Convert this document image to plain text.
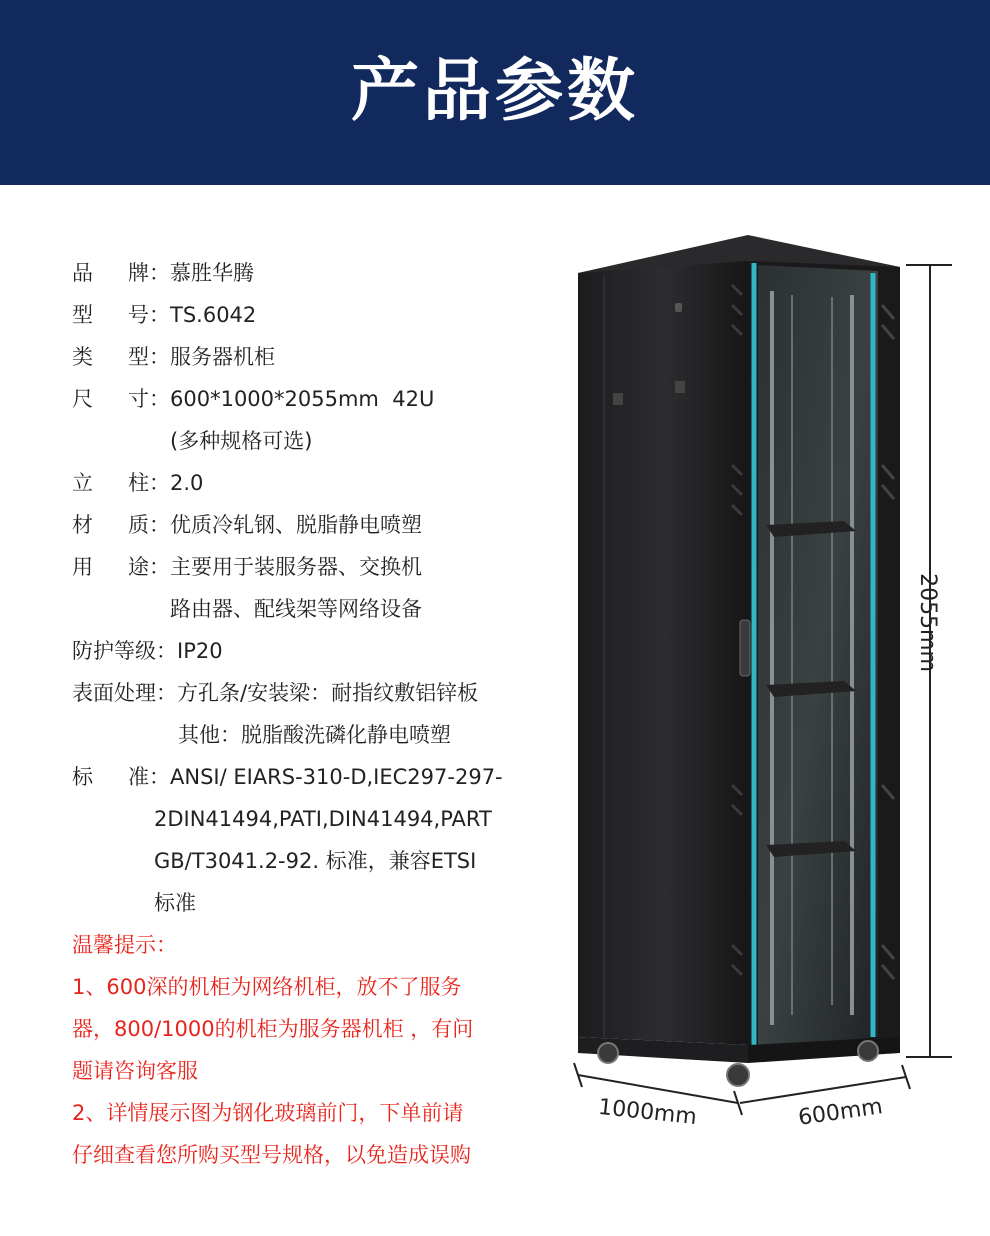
产品参数
品 牌： 慕胜华腾
型 号： TS.6042
类 型： 服务器机柜
尺 寸： 600*1000*2055mm  42U
(多种规格可选)
立 柱： 2.0
材 质： 优质冷轧钢、脱脂静电喷塑
用 途： 主要用于装服务器、交换机
路由器、配线架等网络设备
防护等级： IP20
表面处理： 方孔条/安装梁：耐指纹敷铝锌板
其他：脱脂酸洗磷化静电喷塑
标 准： ANSI/ EIARS-310-D,IEC297-297-
2DIN41494,PATI,DIN41494,PART
GB/T3041.2-92. 标准，兼容ETSI
标准
温馨提示：
1、600深的机柜为网络机柜，放不了服务
器，800/1000的机柜为服务器机柜 ，有问
题请咨询客服
2、详情展示图为钢化玻璃前门，下单前请
仔细查看您所购买型号规格，以免造成误购
2055mm
1000mm	600mm
